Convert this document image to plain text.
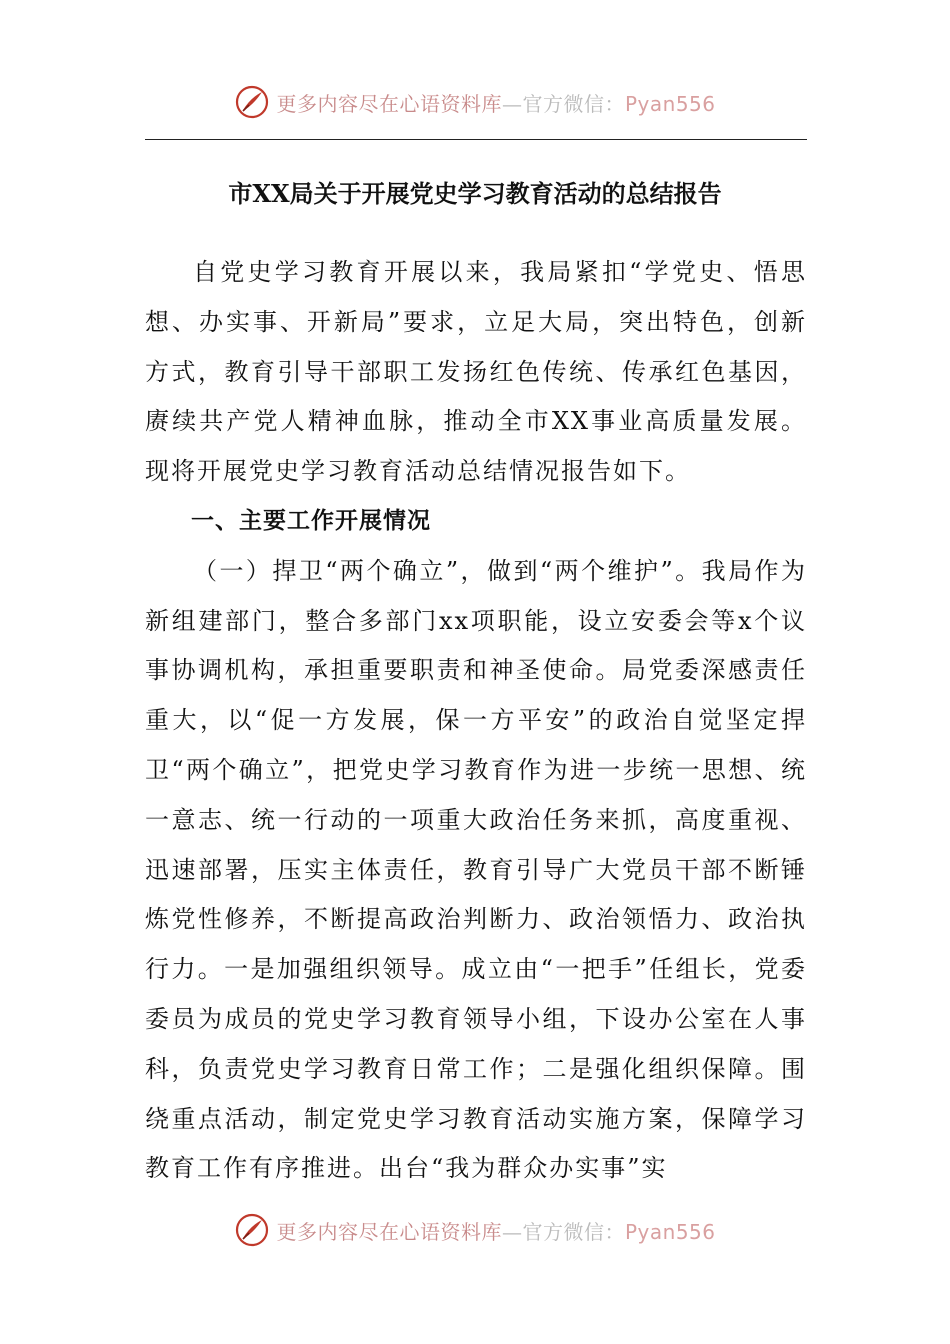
更多内容尽在心语资料库—官方微信：Pyan556
市XX局关于开展党史学习教育活动的总结报告

自党史学习教育开展以来，我局紧扣“学党史、悟思想、办实事、开新局”要求，立足大局，突出特色，创新方式，教育引导干部职工发扬红色传统、传承红色基因，赓续共产党人精神血脉，推动全市XX事业高质量发展。现将开展党史学习教育活动总结情况报告如下。

一、主要工作开展情况

（一）捍卫“两个确立”，做到“两个维护”。我局作为新组建部门，整合多部门xx项职能，设立安委会等x个议事协调机构，承担重要职责和神圣使命。局党委深感责任重大，以“促一方发展，保一方平安”的政治自觉坚定捍卫“两个确立”，把党史学习教育作为进一步统一思想、统一意志、统一行动的一项重大政治任务来抓，高度重视、迅速部署，压实主体责任，教育引导广大党员干部不断锤炼党性修养，不断提高政治判断力、政治领悟力、政治执行力。一是加强组织领导。成立由“一把手”任组长，党委委员为成员的党史学习教育领导小组，下设办公室在人事科，负责党史学习教育日常工作；二是强化组织保障。围绕重点活动，制定党史学习教育活动实施方案，保障学习教育工作有序推进。出台“我为群众办实事”实

更多内容尽在心语资料库—官方微信：Pyan556
